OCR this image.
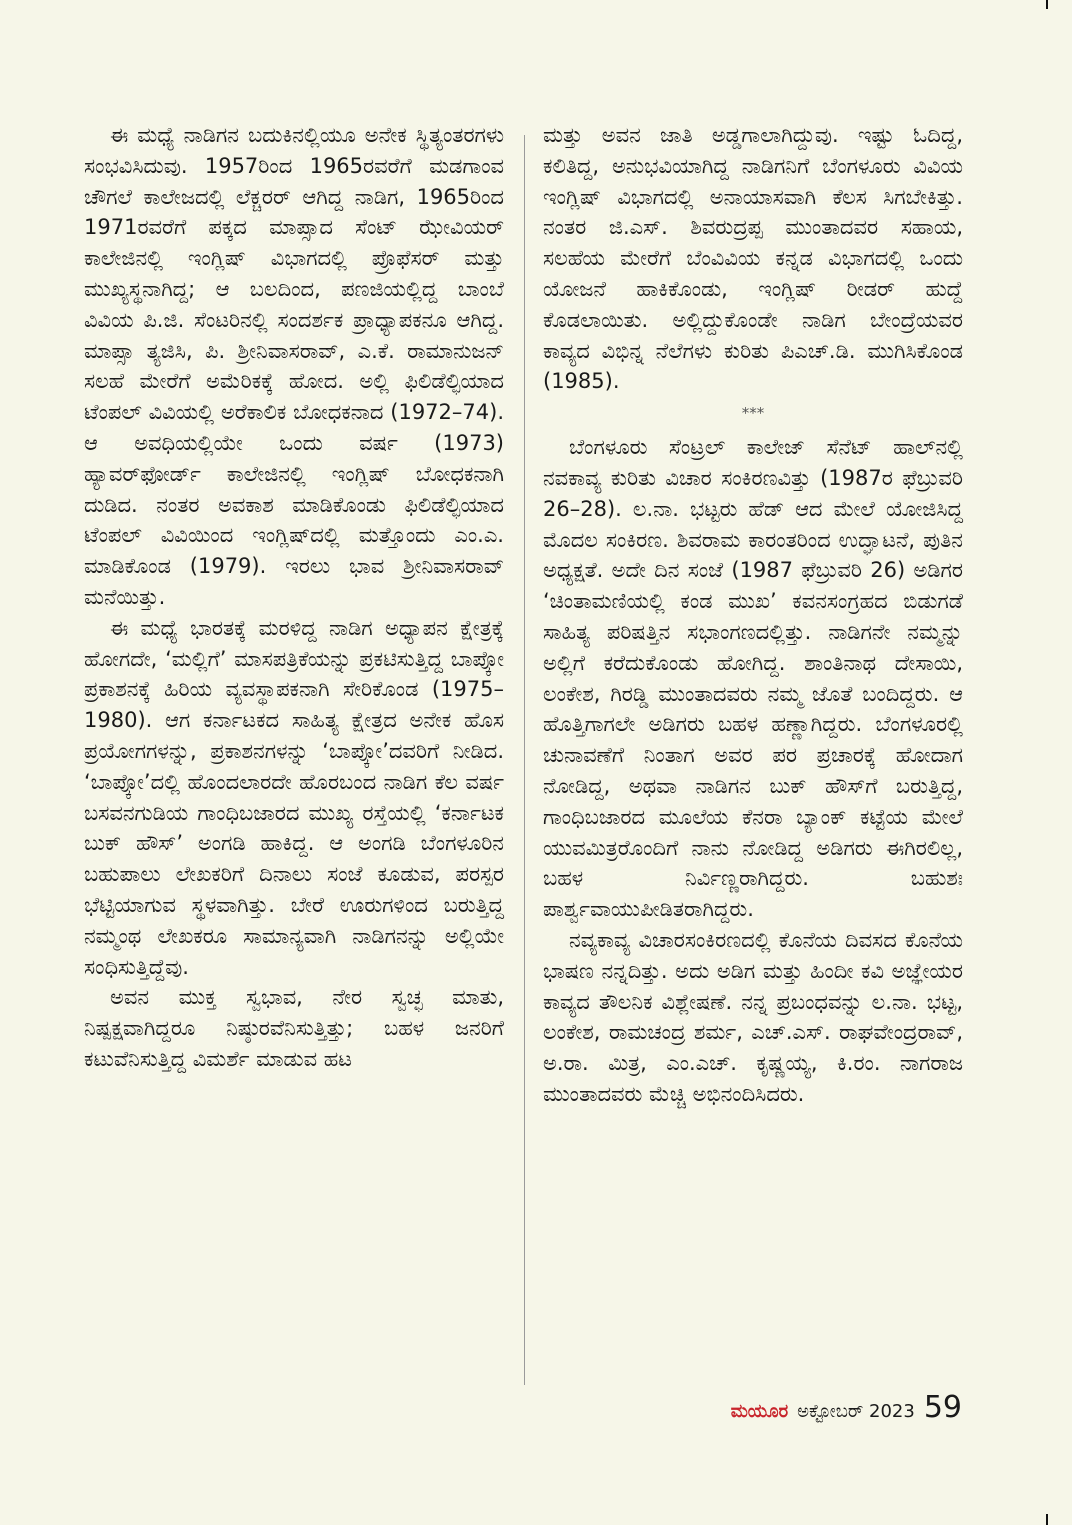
ಈ ಮಧ್ಯೆ ನಾಡಿಗನ ಬದುಕಿನಲ್ಲಿಯೂ ಅನೇಕ ಸ್ಥಿತ್ಯಂತರಗಳು ಸಂಭವಿಸಿದುವು. 1957ರಿಂದ 1965ರವರೆಗೆ ಮಡಗಾಂವ ಚೌಗಲೆ ಕಾಲೇಜದಲ್ಲಿ ಲೆಕ್ಚರರ್ ಆಗಿದ್ದ ನಾಡಿಗ, 1965ರಿಂದ 1971ರವರೆಗೆ ಪಕ್ಕದ ಮಾಪ್ಸಾದ ಸೆಂಟ್ ಝೇವಿಯರ್ ಕಾಲೇಜಿನಲ್ಲಿ ಇಂಗ್ಲಿಷ್ ವಿಭಾಗದಲ್ಲಿ ಪ್ರೊಫೆಸರ್ ಮತ್ತು ಮುಖ್ಯಸ್ಥನಾಗಿದ್ದ; ಆ ಬಲದಿಂದ, ಪಣಜಿಯಲ್ಲಿದ್ದ ಬಾಂಬೆ ವಿವಿಯ ಪಿ.ಜಿ. ಸೆಂಟರಿನಲ್ಲಿ ಸಂದರ್ಶಕ ಪ್ರಾಧ್ಯಾಪಕನೂ ಆಗಿದ್ದ. ಮಾಪ್ಸಾ ತ್ಯಜಿಸಿ, ಪಿ. ಶ್ರೀನಿವಾಸರಾವ್, ಎ.ಕೆ. ರಾಮಾನುಜನ್ ಸಲಹೆ ಮೇರೆಗೆ ಅಮೆರಿಕಕ್ಕೆ ಹೋದ. ಅಲ್ಲಿ ಫಿಲಿಡೆಲ್ಫಿಯಾದ ಟೆಂಪಲ್ ವಿವಿಯಲ್ಲಿ ಅರೆಕಾಲಿಕ ಬೋಧಕನಾದ (1972–74). ಆ ಅವಧಿಯಲ್ಲಿಯೇ ಒಂದು ವರ್ಷ (1973) ಹ್ಯಾವರ್‌ಫೋರ್ಡ್ ಕಾಲೇಜಿನಲ್ಲಿ ಇಂಗ್ಲಿಷ್ ಬೋಧಕನಾಗಿ ದುಡಿದ. ನಂತರ ಅವಕಾಶ ಮಾಡಿಕೊಂಡು ಫಿಲಿಡೆಲ್ಫಿಯಾದ ಟೆಂಪಲ್ ವಿವಿಯಿಂದ ಇಂಗ್ಲಿಷ್‌ದಲ್ಲಿ ಮತ್ತೊಂದು ಎಂ.ಎ. ಮಾಡಿಕೊಂಡ (1979). ಇರಲು ಭಾವ ಶ್ರೀನಿವಾಸರಾವ್ ಮನೆಯಿತ್ತು.

ಈ ಮಧ್ಯೆ ಭಾರತಕ್ಕೆ ಮರಳಿದ್ದ ನಾಡಿಗ ಅಧ್ಯಾಪನ ಕ್ಷೇತ್ರಕ್ಕೆ ಹೋಗದೇ, ‘ಮಲ್ಲಿಗೆ’ ಮಾಸಪತ್ರಿಕೆಯನ್ನು ಪ್ರಕಟಿಸುತ್ತಿದ್ದ ಬಾಪ್ಕೋ ಪ್ರಕಾಶನಕ್ಕೆ ಹಿರಿಯ ವ್ಯವಸ್ಥಾಪಕನಾಗಿ ಸೇರಿಕೊಂಡ (1975–1980). ಆಗ ಕರ್ನಾಟಕದ ಸಾಹಿತ್ಯ ಕ್ಷೇತ್ರದ ಅನೇಕ ಹೊಸ ಪ್ರಯೋಗಗಳನ್ನು, ಪ್ರಕಾಶನಗಳನ್ನು ‘ಬಾಪ್ಕೋ’ದವರಿಗೆ ನೀಡಿದ. ‘ಬಾಪ್ಕೋ’ದಲ್ಲಿ ಹೊಂದಲಾರದೇ ಹೊರಬಂದ ನಾಡಿಗ ಕೆಲ ವರ್ಷ ಬಸವನಗುಡಿಯ ಗಾಂಧಿಬಜಾರದ ಮುಖ್ಯ ರಸ್ತೆಯಲ್ಲಿ ‘ಕರ್ನಾಟಕ ಬುಕ್ ಹೌಸ್’ ಅಂಗಡಿ ಹಾಕಿದ್ದ. ಆ ಅಂಗಡಿ ಬೆಂಗಳೂರಿನ ಬಹುಪಾಲು ಲೇಖಕರಿಗೆ ದಿನಾಲು ಸಂಜೆ ಕೂಡುವ, ಪರಸ್ಪರ ಭೆಟ್ಟಿಯಾಗುವ ಸ್ಥಳವಾಗಿತ್ತು. ಬೇರೆ ಊರುಗಳಿಂದ ಬರುತ್ತಿದ್ದ ನಮ್ಮಂಥ ಲೇಖಕರೂ ಸಾಮಾನ್ಯವಾಗಿ ನಾಡಿಗನನ್ನು ಅಲ್ಲಿಯೇ ಸಂಧಿಸುತ್ತಿದ್ದೆವು.

ಅವನ ಮುಕ್ತ ಸ್ವಭಾವ, ನೇರ ಸ್ವಚ್ಛ ಮಾತು, ನಿಷ್ಪಕ್ಷವಾಗಿದ್ದರೂ ನಿಷ್ಠುರವೆನಿಸುತ್ತಿತ್ತು; ಬಹಳ ಜನರಿಗೆ ಕಟುವೆನಿಸುತ್ತಿದ್ದ ವಿಮರ್ಶೆ ಮಾಡುವ ಹಟ

ಮತ್ತು ಅವನ ಜಾತಿ ಅಡ್ಡಗಾಲಾಗಿದ್ದುವು. ಇಷ್ಟು ಓದಿದ್ದ, ಕಲಿತಿದ್ದ, ಅನುಭವಿಯಾಗಿದ್ದ ನಾಡಿಗನಿಗೆ ಬೆಂಗಳೂರು ವಿವಿಯ ಇಂಗ್ಲಿಷ್ ವಿಭಾಗದಲ್ಲಿ ಅನಾಯಾಸವಾಗಿ ಕೆಲಸ ಸಿಗಬೇಕಿತ್ತು. ನಂತರ ಜಿ.ಎಸ್. ಶಿವರುದ್ರಪ್ಪ ಮುಂತಾದವರ ಸಹಾಯ, ಸಲಹೆಯ ಮೇರೆಗೆ ಬೆಂವಿವಿಯ ಕನ್ನಡ ವಿಭಾಗದಲ್ಲಿ ಒಂದು ಯೋಜನೆ ಹಾಕಿಕೊಂಡು, ಇಂಗ್ಲಿಷ್ ರೀಡರ್ ಹುದ್ದೆ ಕೊಡಲಾಯಿತು. ಅಲ್ಲಿದ್ದುಕೊಂಡೇ ನಾಡಿಗ ಬೇಂದ್ರೆಯವರ ಕಾವ್ಯದ ವಿಭಿನ್ನ ನೆಲೆಗಳು ಕುರಿತು ಪಿಎಚ್.ಡಿ. ಮುಗಿಸಿಕೊಂಡ (1985).

***

ಬೆಂಗಳೂರು ಸೆಂಟ್ರಲ್ ಕಾಲೇಜ್ ಸೆನೆಟ್ ಹಾಲ್‌ನಲ್ಲಿ ನವಕಾವ್ಯ ಕುರಿತು ವಿಚಾರ ಸಂಕಿರಣವಿತ್ತು (1987ರ ಫೆಬ್ರುವರಿ 26–28). ಲ.ನಾ. ಭಟ್ಟರು ಹೆಡ್ ಆದ ಮೇಲೆ ಯೋಜಿಸಿದ್ದ ಮೊದಲ ಸಂಕಿರಣ. ಶಿವರಾಮ ಕಾರಂತರಿಂದ ಉದ್ಘಾಟನೆ, ಪುತಿನ ಅಧ್ಯಕ್ಷತೆ. ಅದೇ ದಿನ ಸಂಜೆ (1987 ಫೆಬ್ರುವರಿ 26) ಅಡಿಗರ ‘ಚಿಂತಾಮಣಿಯಲ್ಲಿ ಕಂಡ ಮುಖ’ ಕವನಸಂಗ್ರಹದ ಬಿಡುಗಡೆ ಸಾಹಿತ್ಯ ಪರಿಷತ್ತಿನ ಸಭಾಂಗಣದಲ್ಲಿತ್ತು. ನಾಡಿಗನೇ ನಮ್ಮನ್ನು ಅಲ್ಲಿಗೆ ಕರೆದುಕೊಂಡು ಹೋಗಿದ್ದ. ಶಾಂತಿನಾಥ ದೇಸಾಯಿ, ಲಂಕೇಶ, ಗಿರಡ್ಡಿ ಮುಂತಾದವರು ನಮ್ಮ ಜೊತೆ ಬಂದಿದ್ದರು. ಆ ಹೊತ್ತಿಗಾಗಲೇ ಅಡಿಗರು ಬಹಳ ಹಣ್ಣಾಗಿದ್ದರು. ಬೆಂಗಳೂರಲ್ಲಿ ಚುನಾವಣೆಗೆ ನಿಂತಾಗ ಅವರ ಪರ ಪ್ರಚಾರಕ್ಕೆ ಹೋದಾಗ ನೋಡಿದ್ದ, ಅಥವಾ ನಾಡಿಗನ ಬುಕ್ ಹೌಸ್‌ಗೆ ಬರುತ್ತಿದ್ದ, ಗಾಂಧಿಬಜಾರದ ಮೂಲೆಯ ಕೆನರಾ ಬ್ಯಾಂಕ್ ಕಟ್ಟೆಯ ಮೇಲೆ ಯುವಮಿತ್ರರೊಂದಿಗೆ ನಾನು ನೋಡಿದ್ದ ಅಡಿಗರು ಈಗಿರಲಿಲ್ಲ, ಬಹಳ ನಿರ್ವಿಣ್ಣರಾಗಿದ್ದರು. ಬಹುಶಃ ಪಾರ್ಶ್ವವಾಯುಪೀಡಿತರಾಗಿದ್ದರು.

ನವ್ಯಕಾವ್ಯ ವಿಚಾರಸಂಕಿರಣದಲ್ಲಿ ಕೊನೆಯ ದಿವಸದ ಕೊನೆಯ ಭಾಷಣ ನನ್ನದಿತ್ತು. ಅದು ಅಡಿಗ ಮತ್ತು ಹಿಂದೀ ಕವಿ ಅಜ್ಞೇಯರ ಕಾವ್ಯದ ತೌಲನಿಕ ವಿಶ್ಲೇಷಣೆ. ನನ್ನ ಪ್ರಬಂಧವನ್ನು ಲ.ನಾ. ಭಟ್ಟ, ಲಂಕೇಶ, ರಾಮಚಂದ್ರ ಶರ್ಮ, ಎಚ್.ಎಸ್. ರಾಘವೇಂದ್ರರಾವ್, ಅ.ರಾ. ಮಿತ್ರ, ಎಂ.ಎಚ್. ಕೃಷ್ಣಯ್ಯ, ಕಿ.ರಂ. ನಾಗರಾಜ ಮುಂತಾದವರು ಮೆಚ್ಚಿ ಅಭಿನಂದಿಸಿದರು.

ಮಯೂರ ಅಕ್ಟೋಬರ್ 2023 59
